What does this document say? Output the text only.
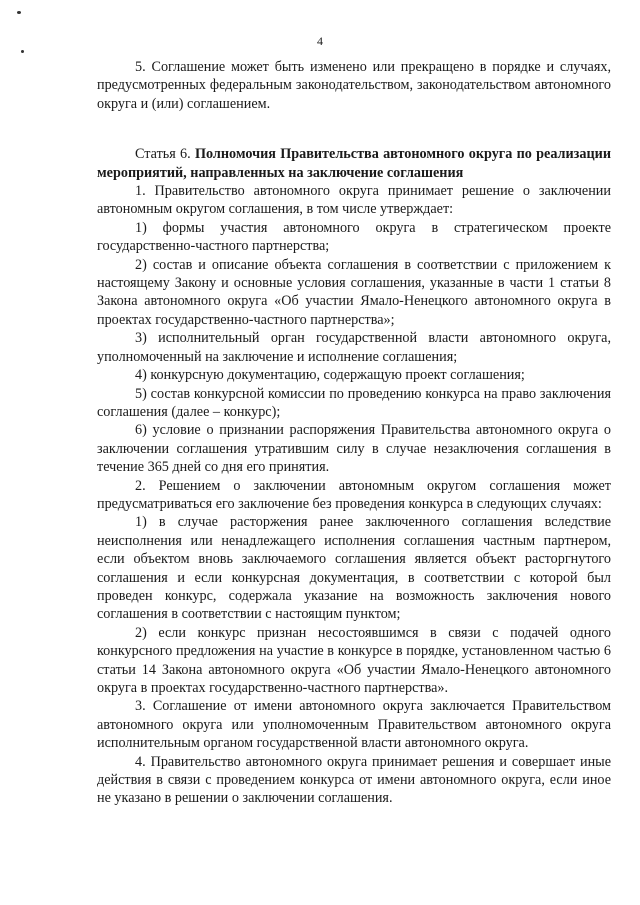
4

5. Соглашение может быть изменено или прекращено в порядке и случаях, предусмотренных федеральным законодательством, законодательством автономного округа и (или) соглашением.

Статья 6. Полномочия Правительства автономного округа по реализации мероприятий, направленных на заключение соглашения

1. Правительство автономного округа принимает решение о заключении автономным округом соглашения, в том числе утверждает:

1) формы участия автономного округа в стратегическом проекте государственно-частного партнерства;

2) состав и описание объекта соглашения в соответствии с приложением к настоящему Закону и основные условия соглашения, указанные в части 1 статьи 8 Закона автономного округа «Об участии Ямало-Ненецкого автономного округа в проектах государственно-частного партнерства»;

3) исполнительный орган государственной власти автономного округа, уполномоченный на заключение и исполнение соглашения;

4) конкурсную документацию, содержащую проект соглашения;

5) состав конкурсной комиссии по проведению конкурса на право заключения соглашения (далее – конкурс);

6) условие о признании распоряжения Правительства автономного округа о заключении соглашения утратившим силу в случае незаключения соглашения в течение 365 дней со дня его принятия.

2. Решением о заключении автономным округом соглашения может предусматриваться его заключение без проведения конкурса в следующих случаях:

1) в случае расторжения ранее заключенного соглашения вследствие неисполнения или ненадлежащего исполнения соглашения частным партнером, если объектом вновь заключаемого соглашения является объект расторгнутого соглашения и если конкурсная документация, в соответствии с которой был проведен конкурс, содержала указание на возможность заключения нового соглашения в соответствии с настоящим пунктом;

2) если конкурс признан несостоявшимся в связи с подачей одного конкурсного предложения на участие в конкурсе в порядке, установленном частью 6 статьи 14 Закона автономного округа «Об участии Ямало-Ненецкого автономного округа в проектах государственно-частного партнерства».

3. Соглашение от имени автономного округа заключается Правительством автономного округа или уполномоченным Правительством автономного округа исполнительным органом государственной власти автономного округа.

4. Правительство автономного округа принимает решения и совершает иные действия в связи с проведением конкурса от имени автономного округа, если иное не указано в решении о заключении соглашения.
